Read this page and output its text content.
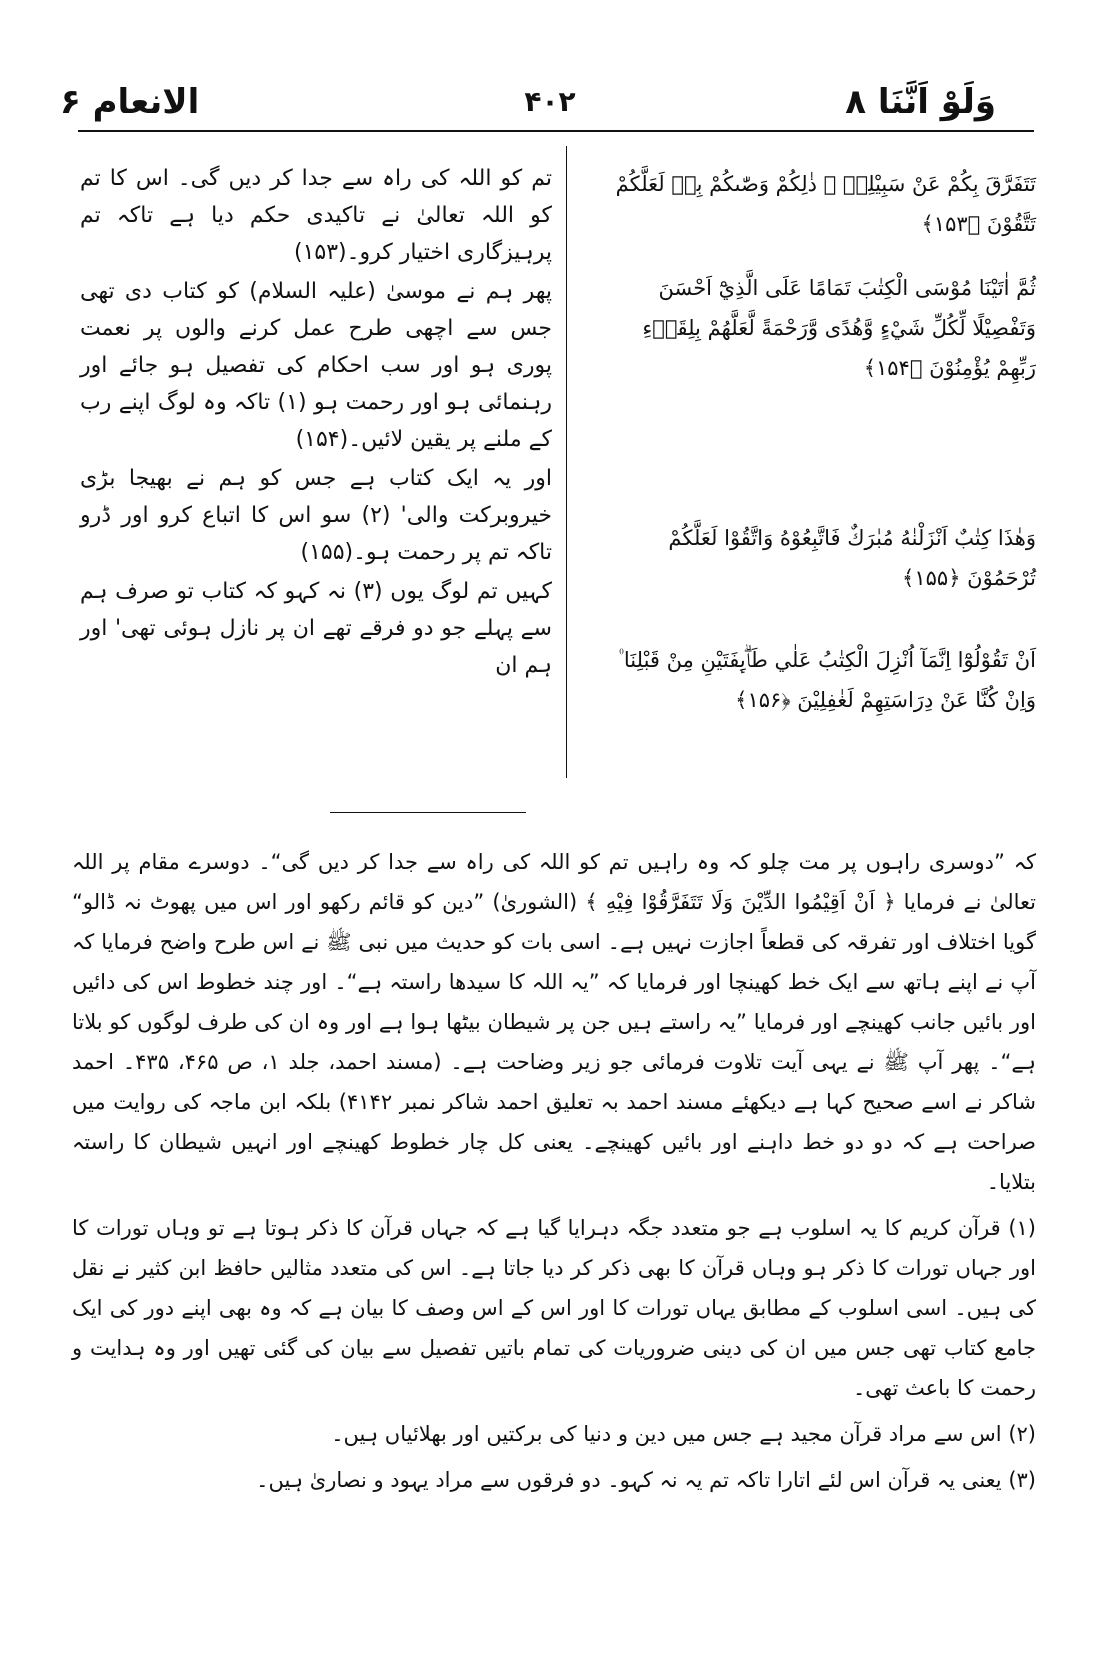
وَلَوْ اَنَّنَا ۸
۴۰۲
الانعام ۶
تَتَفَرَّقَ بِكُمْ عَنْ سَبِيْلِهٖ ۚ ذٰلِكُمْ وَصّٰىكُمْ بِهٖ لَعَلَّكُمْ تَتَّقُوْنَ ﴿۱۵۳﴾
ثُمَّ اٰتَيْنَا مُوْسَى الْكِتٰبَ تَمَامًا عَلَى الَّذِيْٓ اَحْسَنَ وَتَفْصِيْلًا لِّكُلِّ شَيْءٍ وَّهُدًى وَّرَحْمَةً لَّعَلَّهُمْ بِلِقَاۗءِ رَبِّهِمْ يُؤْمِنُوْنَ ﴿۱۵۴﴾
وَهٰذَا كِتٰبٌ اَنْزَلْنٰهُ مُبٰرَكٌ فَاتَّبِعُوْهُ وَاتَّقُوْا لَعَلَّكُمْ تُرْحَمُوْنَ ﴿۱۵۵﴾
اَنْ تَقُوْلُوْٓا اِنَّمَآ اُنْزِلَ الْكِتٰبُ عَلٰي طَاۗىِٕفَتَيْنِ مِنْ قَبْلِنَا ۠ وَاِنْ كُنَّا عَنْ دِرَاسَتِهِمْ لَغٰفِلِيْنَ ﴿۱۵۶﴾

تم کو اللہ کی راہ سے جدا کر دیں گی۔ اس کا تم کو اللہ تعالیٰ نے تاکیدی حکم دیا ہے تاکہ تم پرہیزگاری اختیار کرو۔(۱۵۳)

پھر ہم نے موسیٰ (علیہ السلام) کو کتاب دی تھی جس سے اچھی طرح عمل کرنے والوں پر نعمت پوری ہو اور سب احکام کی تفصیل ہو جائے اور رہنمائی ہو اور رحمت ہو (۱) تاکہ وہ لوگ اپنے رب کے ملنے پر یقین لائیں۔(۱۵۴)

اور یہ ایک کتاب ہے جس کو ہم نے بھیجا بڑی خیروبرکت والی' (۲) سو اس کا اتباع کرو اور ڈرو تاکہ تم پر رحمت ہو۔(۱۵۵)

کہیں تم لوگ یوں (۳) نہ کہو کہ کتاب تو صرف ہم سے پہلے جو دو فرقے تھے ان پر نازل ہوئی تھی' اور ہم ان

کہ ”دوسری راہوں پر مت چلو کہ وہ راہیں تم کو اللہ کی راہ سے جدا کر دیں گی“۔ دوسرے مقام پر اللہ تعالیٰ نے فرمایا ﴿ اَنْ اَقِيْمُوا الدِّيْنَ وَلَا تَتَفَرَّقُوْا فِيْهِ ﴾ (الشوریٰ) ”دین کو قائم رکھو اور اس میں پھوٹ نہ ڈالو“ گویا اختلاف اور تفرقہ کی قطعاً اجازت نہیں ہے۔ اسی بات کو حدیث میں نبی ﷺ نے اس طرح واضح فرمایا کہ آپ نے اپنے ہاتھ سے ایک خط کھینچا اور فرمایا کہ ”یہ اللہ کا سیدھا راستہ ہے“۔ اور چند خطوط اس کی دائیں اور بائیں جانب کھینچے اور فرمایا ”یہ راستے ہیں جن پر شیطان بیٹھا ہوا ہے اور وہ ان کی طرف لوگوں کو بلاتا ہے“۔ پھر آپ ﷺ نے یہی آیت تلاوت فرمائی جو زیر وضاحت ہے۔ (مسند احمد، جلد ۱، ص ۴۶۵، ۴۳۵۔ احمد شاکر نے اسے صحیح کہا ہے دیکھئے مسند احمد بہ تعلیق احمد شاکر نمبر ۴۱۴۲) بلکہ ابن ماجہ کی روایت میں صراحت ہے کہ دو دو خط داہنے اور بائیں کھینچے۔ یعنی کل چار خطوط کھینچے اور انہیں شیطان کا راستہ بتلایا۔

(۱) قرآن کریم کا یہ اسلوب ہے جو متعدد جگہ دہرایا گیا ہے کہ جہاں قرآن کا ذکر ہوتا ہے تو وہاں تورات کا اور جہاں تورات کا ذکر ہو وہاں قرآن کا بھی ذکر کر دیا جاتا ہے۔ اس کی متعدد مثالیں حافظ ابن کثیر نے نقل کی ہیں۔ اسی اسلوب کے مطابق یہاں تورات کا اور اس کے اس وصف کا بیان ہے کہ وہ بھی اپنے دور کی ایک جامع کتاب تھی جس میں ان کی دینی ضروریات کی تمام باتیں تفصیل سے بیان کی گئی تھیں اور وہ ہدایت و رحمت کا باعث تھی۔

(۲) اس سے مراد قرآن مجید ہے جس میں دین و دنیا کی برکتیں اور بھلائیاں ہیں۔

(۳) یعنی یہ قرآن اس لئے اتارا تاکہ تم یہ نہ کہو۔ دو فرقوں سے مراد یہود و نصاریٰ ہیں۔
